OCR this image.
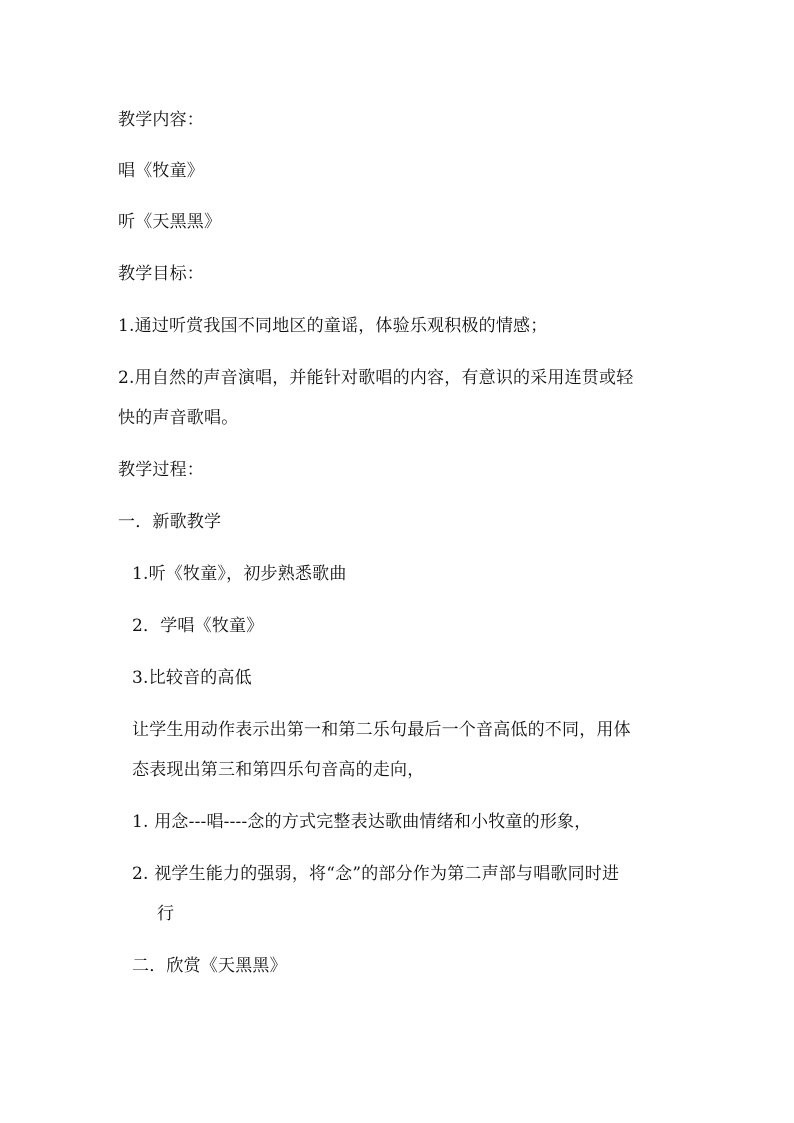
教学内容：
唱《牧童》
听《天黑黑》
教学目标：
1.通过听赏我国不同地区的童谣，体验乐观积极的情感；
2.用自然的声音演唱，并能针对歌唱的内容，有意识的采用连贯或轻
快的声音歌唱。
教学过程：
一．新歌教学
1.听《牧童》，初步熟悉歌曲
2．学唱《牧童》
3.比较音的高低
让学生用动作表示出第一和第二乐句最后一个音高低的不同，用体
态表现出第三和第四乐句音高的走向，
1. 用念---唱----念的方式完整表达歌曲情绪和小牧童的形象，
2. 视学生能力的强弱，将“念”的部分作为第二声部与唱歌同时进
行
二．欣赏《天黑黑》
